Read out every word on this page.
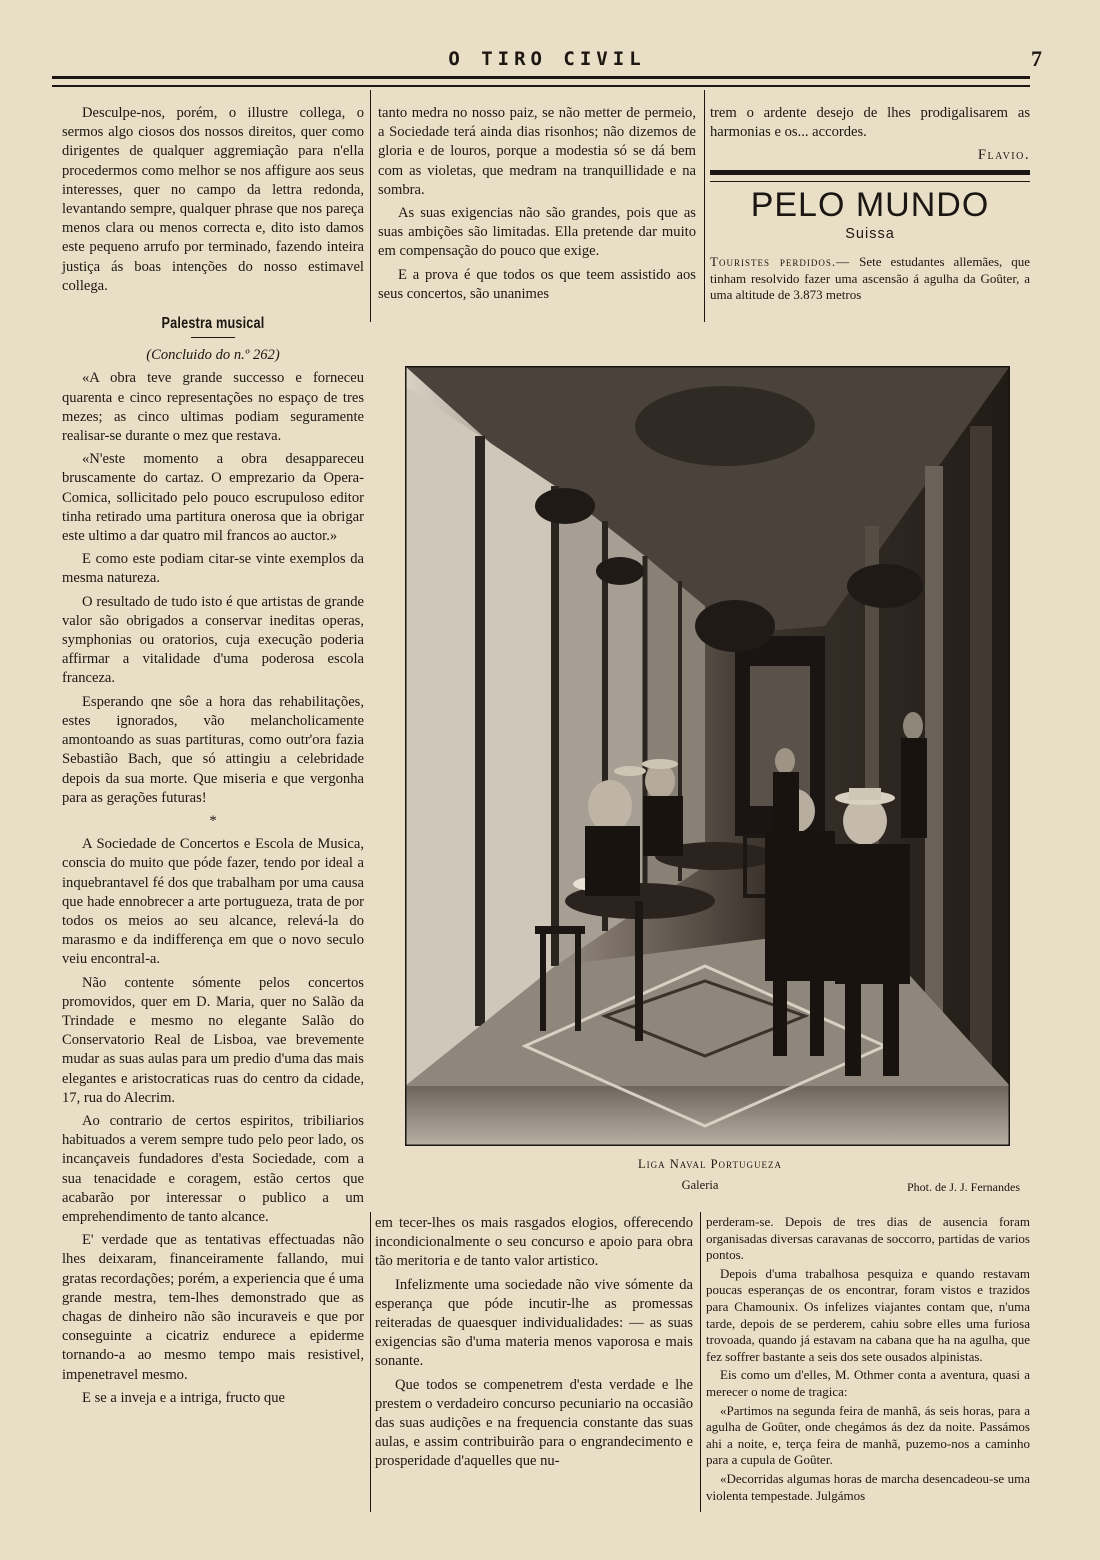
O TIRO CIVIL	7

Desculpe-nos, porém, o illustre collega, o sermos algo ciosos dos nossos direitos, quer como dirigentes de qualquer aggremiação para n'ella procedermos como melhor se nos affigure aos seus interesses, quer no campo da lettra redonda, levantando sempre, qualquer phrase que nos pareça menos clara ou menos correcta e, dito isto damos este pequeno arrufo por terminado, fazendo inteira justiça ás boas intenções do nosso estimavel collega.

Palestra musical

(Concluido do n.º 262)

«A obra teve grande successo e forneceu quarenta e cinco representações no espaço de tres mezes; as cinco ultimas podiam seguramente realisar-se durante o mez que restava.

«N'este momento a obra desappareceu bruscamente do cartaz. O emprezario da Opera-Comica, sollicitado pelo pouco escrupuloso editor tinha retirado uma partitura onerosa que ia obrigar este ultimo a dar quatro mil francos ao auctor.»

E como este podiam citar-se vinte exemplos da mesma natureza.

O resultado de tudo isto é que artistas de grande valor são obrigados a conservar ineditas operas, symphonias ou oratorios, cuja execução poderia affirmar a vitalidade d'uma poderosa escola franceza.

Esperando qne sôe a hora das rehabilitações, estes ignorados, vão melancholicamente amontoando as suas partituras, como outr'ora fazia Sebastião Bach, que só attingiu a celebridade depois da sua morte. Que miseria e que vergonha para as gerações futuras!

*

A Sociedade de Concertos e Escola de Musica, conscia do muito que póde fazer, tendo por ideal a inquebrantavel fé dos que trabalham por uma causa que hade ennobrecer a arte portugueza, trata de por todos os meios ao seu alcance, relevá-la do marasmo e da indifferença em que o novo seculo veiu encontral-a.

Não contente sómente pelos concertos promovidos, quer em D. Maria, quer no Salão da Trindade e mesmo no elegante Salão do Conservatorio Real de Lisboa, vae brevemente mudar as suas aulas para um predio d'uma das mais elegantes e aristocraticas ruas do centro da cidade, 17, rua do Alecrim.

Ao contrario de certos espiritos, tribiliarios habituados a verem sempre tudo pelo peor lado, os incançaveis fundadores d'esta Sociedade, com a sua tenacidade e coragem, estão certos que acabarão por interessar o publico a um emprehendimento de tanto alcance.

E' verdade que as tentativas effectuadas não lhes deixaram, financeiramente fallando, mui gratas recordações; porém, a experiencia que é uma grande mestra, tem-lhes demonstrado que as chagas de dinheiro não são incuraveis e que por conseguinte a cicatriz endurece a epiderme tornando-a ao mesmo tempo mais resistivel, impenetravel mesmo.

E se a inveja e a intriga, fructo que

tanto medra no nosso paiz, se não metter de permeio, a Sociedade terá ainda dias risonhos; não dizemos de gloria e de louros, porque a modestia só se dá bem com as violetas, que medram na tranquillidade e na sombra.

As suas exigencias não são grandes, pois que as suas ambições são limitadas. Ella pretende dar muito em compensação do pouco que exige.

E a prova é que todos os que teem assistido aos seus concertos, são unanimes

trem o ardente desejo de lhes prodigalisarem as harmonias e os... accordes.

Flavio.

PELO MUNDO
Suissa

Touristes perdidos.— Sete estudantes allemães, que tinham resolvido fazer uma ascensão á agulha da Goûter, a uma altitude de 3.873 metros

Liga Naval Portugueza
Galeria	Phot. de J. J. Fernandes

em tecer-lhes os mais rasgados elogios, offerecendo incondicionalmente o seu concurso e apoio para obra tão meritoria e de tanto valor artistico.

Infelizmente uma sociedade não vive sómente da esperança que póde incutir-lhe as promessas reiteradas de quaesquer individualidades: — as suas exigencias são d'uma materia menos vaporosa e mais sonante.

Que todos se compenetrem d'esta verdade e lhe prestem o verdadeiro concurso pecuniario na occasião das suas audições e na frequencia constante das suas aulas, e assim contribuirão para o engrandecimento e prosperidade d'aquelles que nu-

perderam-se. Depois de tres dias de ausencia foram organisadas diversas caravanas de soccorro, partidas de varios pontos.

Depois d'uma trabalhosa pesquiza e quando restavam poucas esperanças de os encontrar, foram vistos e trazidos para Chamounix. Os infelizes viajantes contam que, n'uma tarde, depois de se perderem, cahiu sobre elles uma furiosa trovoada, quando já estavam na cabana que ha na agulha, que fez soffrer bastante a seis dos sete ousados alpinistas.

Eis como um d'elles, M. Othmer conta a aventura, quasi a merecer o nome de tragica:

«Partimos na segunda feira de manhã, ás seis horas, para a agulha de Goûter, onde chegámos ás dez da noite. Passámos ahi a noite, e, terça feira de manhã, puzemo-nos a caminho para a cupula de Goûter.

«Decorridas algumas horas de marcha desencadeou-se uma violenta tempestade. Julgámos
